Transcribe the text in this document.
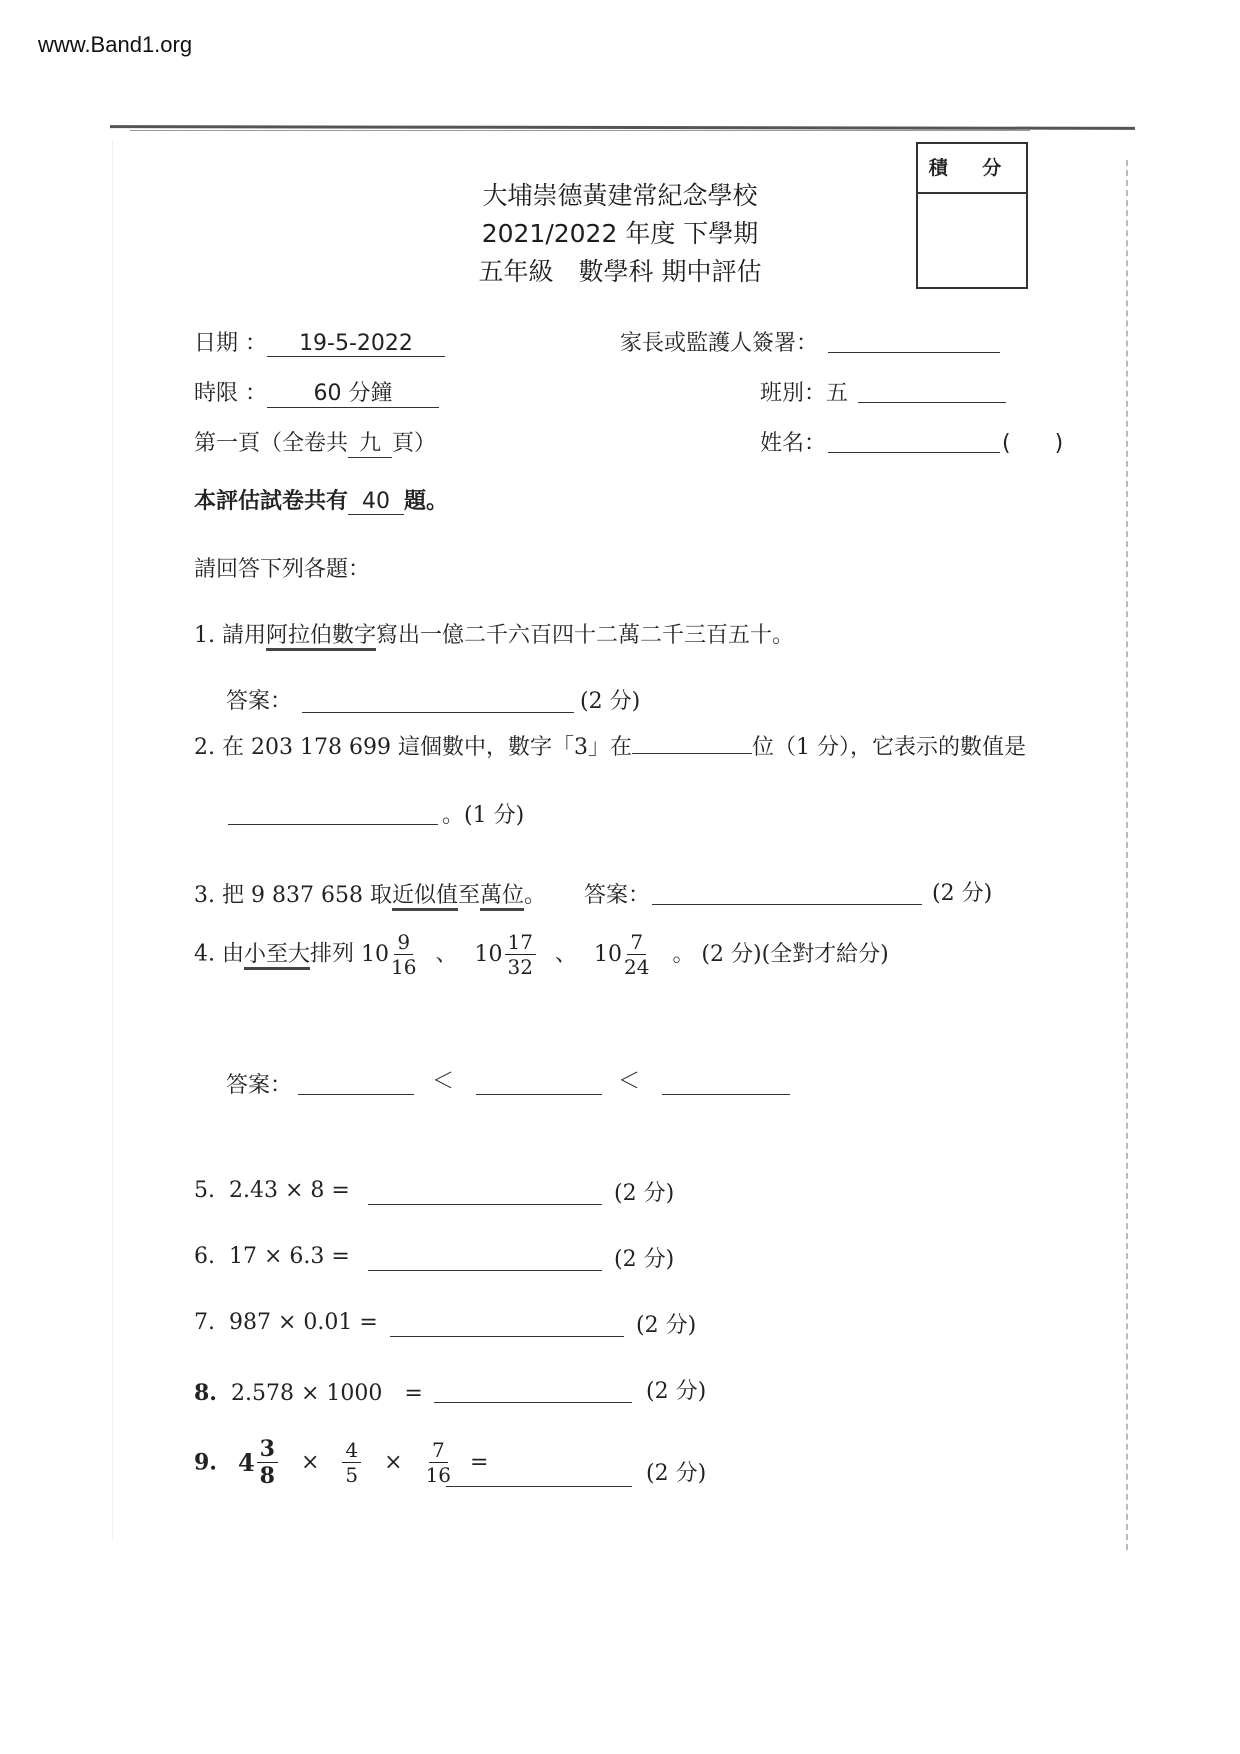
www.Band1.org
積 分
大埔崇德黃建常紀念學校
2021/2022 年度 下學期
五年級　數學科 期中評估
日期 ： 19-5-2022
時限 ： 60 分鐘
第一頁（全卷共 九 頁）
本評估試卷共有 40 題。
家長或監護人簽署：
班別：五
姓名：	(　　)
請回答下列各題：
1. 請用阿拉伯數字寫出一億二千六百四十二萬二千三百五十。
答案：	(2 分)
2. 在 203 178 699 這個數中，數字「3」在	位（1 分），它表示的數值是
。(1 分)
3. 把 9 837 658 取近似值至萬位。 答案：	(2 分)
4. 由小至大排列 $10 \frac{9}{16}$ 、 $10 \frac{17}{32}$ 、 $10 \frac{7}{24}$ 。 (2 分)(全對才給分)
答案：	＜	＜
5. 2.43 × 8 =	(2 分)
6. 17 × 6.3 =	(2 分)
7. 987 × 0.01 =	(2 分)
8. 2.578 × 1000　=	(2 分)
9. $4 \frac{3}{8} \times \frac{4}{5} \times \frac{7}{16}$ =	(2 分)
